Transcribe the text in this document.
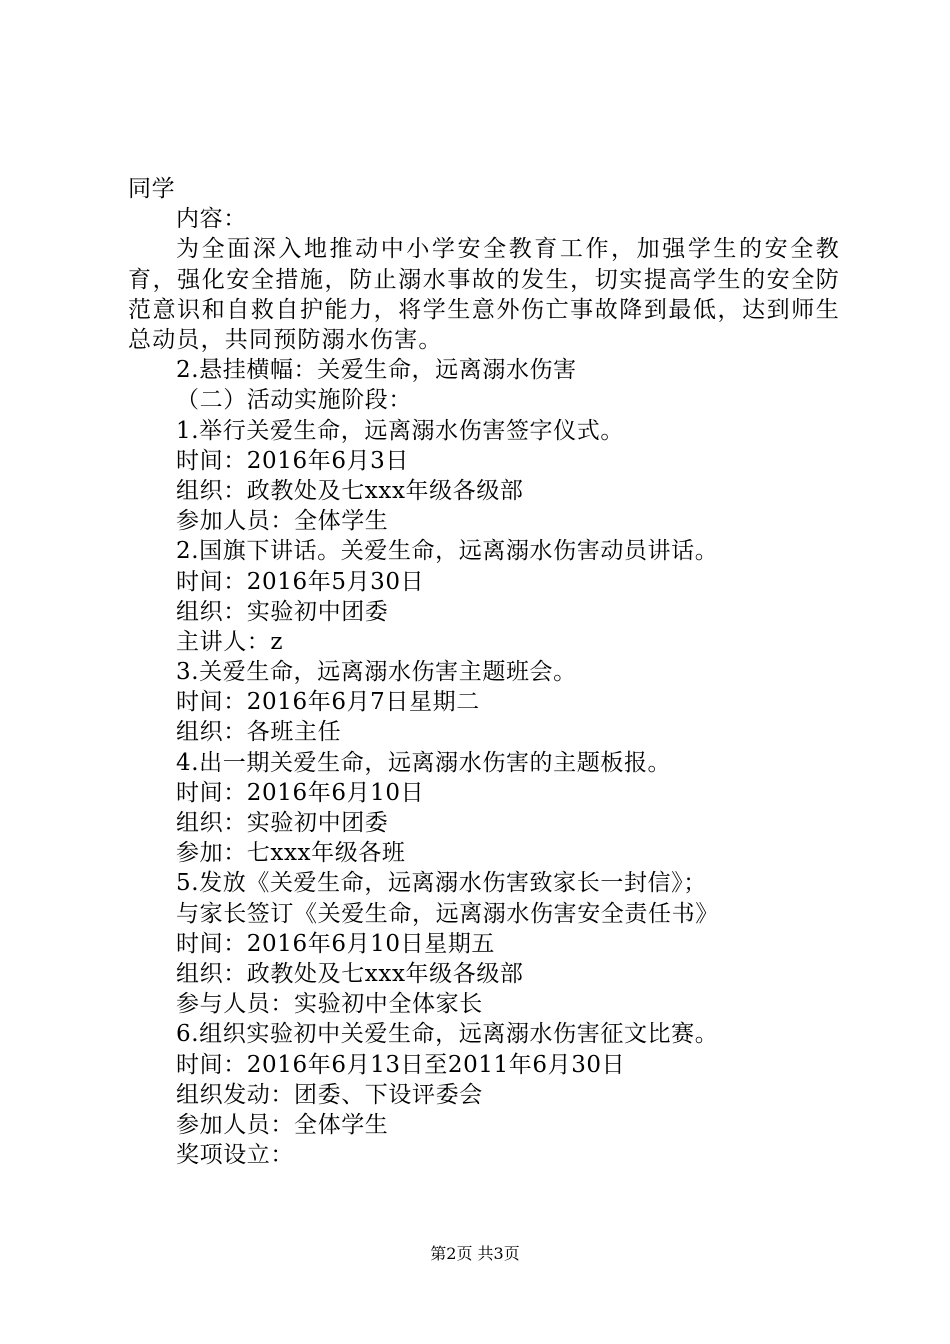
同学
内容：
为全面深入地推动中小学安全教育工作，加强学生的安全教育，强化安全措施，防止溺水事故的发生，切实提高学生的安全防范意识和自救自护能力，将学生意外伤亡事故降到最低，达到师生总动员，共同预防溺水伤害。
2.悬挂横幅：关爱生命，远离溺水伤害
（二）活动实施阶段：
1.举行关爱生命，远离溺水伤害签字仪式。
时间：2016年6月3日
组织：政教处及七xxx年级各级部
参加人员：全体学生
2.国旗下讲话。关爱生命，远离溺水伤害动员讲话。
时间：2016年5月30日
组织：实验初中团委
主讲人：z
3.关爱生命，远离溺水伤害主题班会。
时间：2016年6月7日星期二
组织：各班主任
4.出一期关爱生命，远离溺水伤害的主题板报。
时间：2016年6月10日
组织：实验初中团委
参加：七xxx年级各班
5.发放《关爱生命，远离溺水伤害致家长一封信》；
与家长签订《关爱生命，远离溺水伤害安全责任书》
时间：2016年6月10日星期五
组织：政教处及七xxx年级各级部
参与人员：实验初中全体家长
6.组织实验初中关爱生命，远离溺水伤害征文比赛。
时间：2016年6月13日至2011年6月30日
组织发动：团委、下设评委会
参加人员：全体学生
奖项设立：
第2页 共3页
